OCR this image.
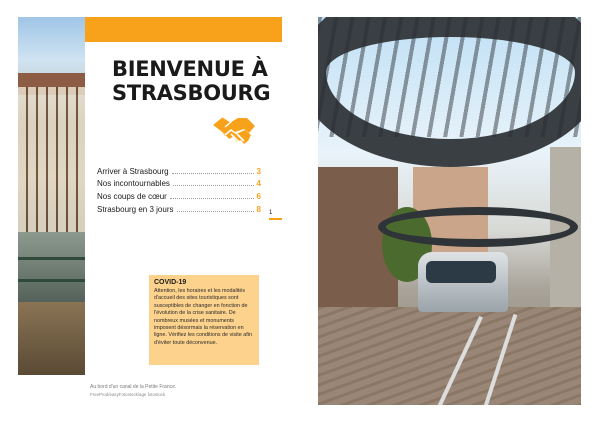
Au bord d'un canal de la Petite France.
FreeProd/easyFotostock/age fotostock
BIENVENUE À STRASBOURG
Arriver à Strasbourg	3
Nos incontournables	4
Nos coups de cœur	6
Strasbourg en 3 jours	8 1
COVID-19

Attention, les horaires et les modalités d'accueil des sites touristiques sont susceptibles de changer en fonction de l'évolution de la crise sanitaire. De nombreux musées et monuments imposent désormais la réservation en ligne. Vérifiez les conditions de visite afin d'éviter toute déconvenue.
